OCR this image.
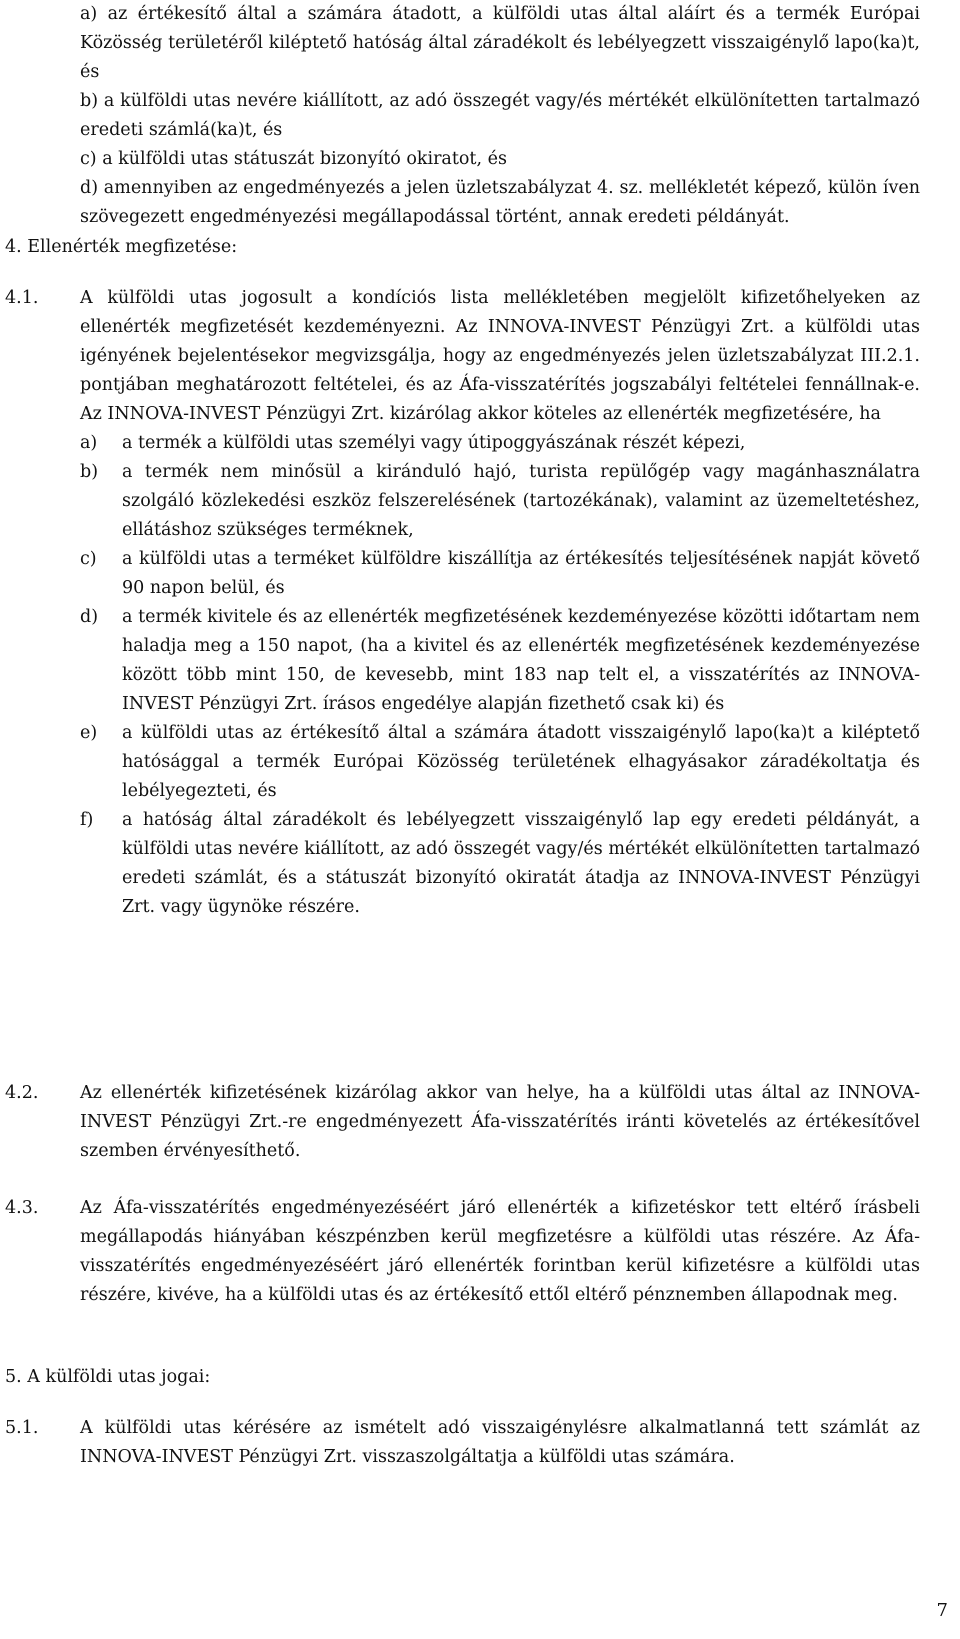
a) az értékesítő által a számára átadott, a külföldi utas által aláírt és a termék Európai Közösség területéről kiléptető hatóság által záradékolt és lebélyegzett visszaigénylő lapo(ka)t, és

b) a külföldi utas nevére kiállított, az adó összegét vagy/és mértékét elkülönítetten tartalmazó eredeti számlá(ka)t, és

c) a külföldi utas státuszát bizonyító okiratot, és

d) amennyiben az engedményezés a jelen üzletszabályzat 4. sz. mellékletét képező, külön íven szövegezett engedményezési megállapodással történt, annak eredeti példányát.

4. Ellenérték megfizetése:

4.1.	A külföldi utas jogosult a kondíciós lista mellékletében megjelölt kifizetőhelyeken az ellenérték megfizetését kezdeményezni. Az INNOVA-INVEST Pénzügyi Zrt. a külföldi utas igényének bejelentésekor megvizsgálja, hogy az engedményezés jelen üzletszabályzat III.2.1. pontjában meghatározott feltételei, és az Áfa-visszatérítés jogszabályi feltételei fennállnak-e. Az INNOVA-INVEST Pénzügyi Zrt. kizárólag akkor köteles az ellenérték megfizetésére, ha

a) a termék a külföldi utas személyi vagy útipoggyászának részét képezi,
b) a termék nem minősül a kiránduló hajó, turista repülőgép vagy magánhasználatra szolgáló közlekedési eszköz felszerelésének (tartozékának), valamint az üzemeltetéshez, ellátáshoz szükséges terméknek,
c) a külföldi utas a terméket külföldre kiszállítja az értékesítés teljesítésének napját követő 90 napon belül, és
d) a termék kivitele és az ellenérték megfizetésének kezdeményezése közötti időtartam nem haladja meg a 150 napot, (ha a kivitel és az ellenérték megfizetésének kezdeményezése között több mint 150, de kevesebb, mint 183 nap telt el, a visszatérítés az INNOVA-INVEST Pénzügyi Zrt. írásos engedélye alapján fizethető csak ki) és
e) a külföldi utas az értékesítő által a számára átadott visszaigénylő lapo(ka)t a kiléptető hatósággal a termék Európai Közösség területének elhagyásakor záradékoltatja és lebélyegezteti, és
f) a hatóság által záradékolt és lebélyegzett visszaigénylő lap egy eredeti példányát, a külföldi utas nevére kiállított, az adó összegét vagy/és mértékét elkülönítetten tartalmazó eredeti számlát, és a státuszát bizonyító okiratát átadja az INNOVA-INVEST Pénzügyi Zrt. vagy ügynöke részére.
4.2.	Az ellenérték kifizetésének kizárólag akkor van helye, ha a külföldi utas által az INNOVA-INVEST Pénzügyi Zrt.-re engedményezett Áfa-visszatérítés iránti követelés az értékesítővel szemben érvényesíthető.

4.3.	Az Áfa-visszatérítés engedményezéséért járó ellenérték a kifizetéskor tett eltérő írásbeli megállapodás hiányában készpénzben kerül megfizetésre a külföldi utas részére. Az Áfa-visszatérítés engedményezéséért járó ellenérték forintban kerül kifizetésre a külföldi utas részére, kivéve, ha a külföldi utas és az értékesítő ettől eltérő pénznemben állapodnak meg.

5. A külföldi utas jogai:

5.1.	A külföldi utas kérésére az ismételt adó visszaigénylésre alkalmatlanná tett számlát az INNOVA-INVEST Pénzügyi Zrt. visszaszolgáltatja a külföldi utas számára.

7
